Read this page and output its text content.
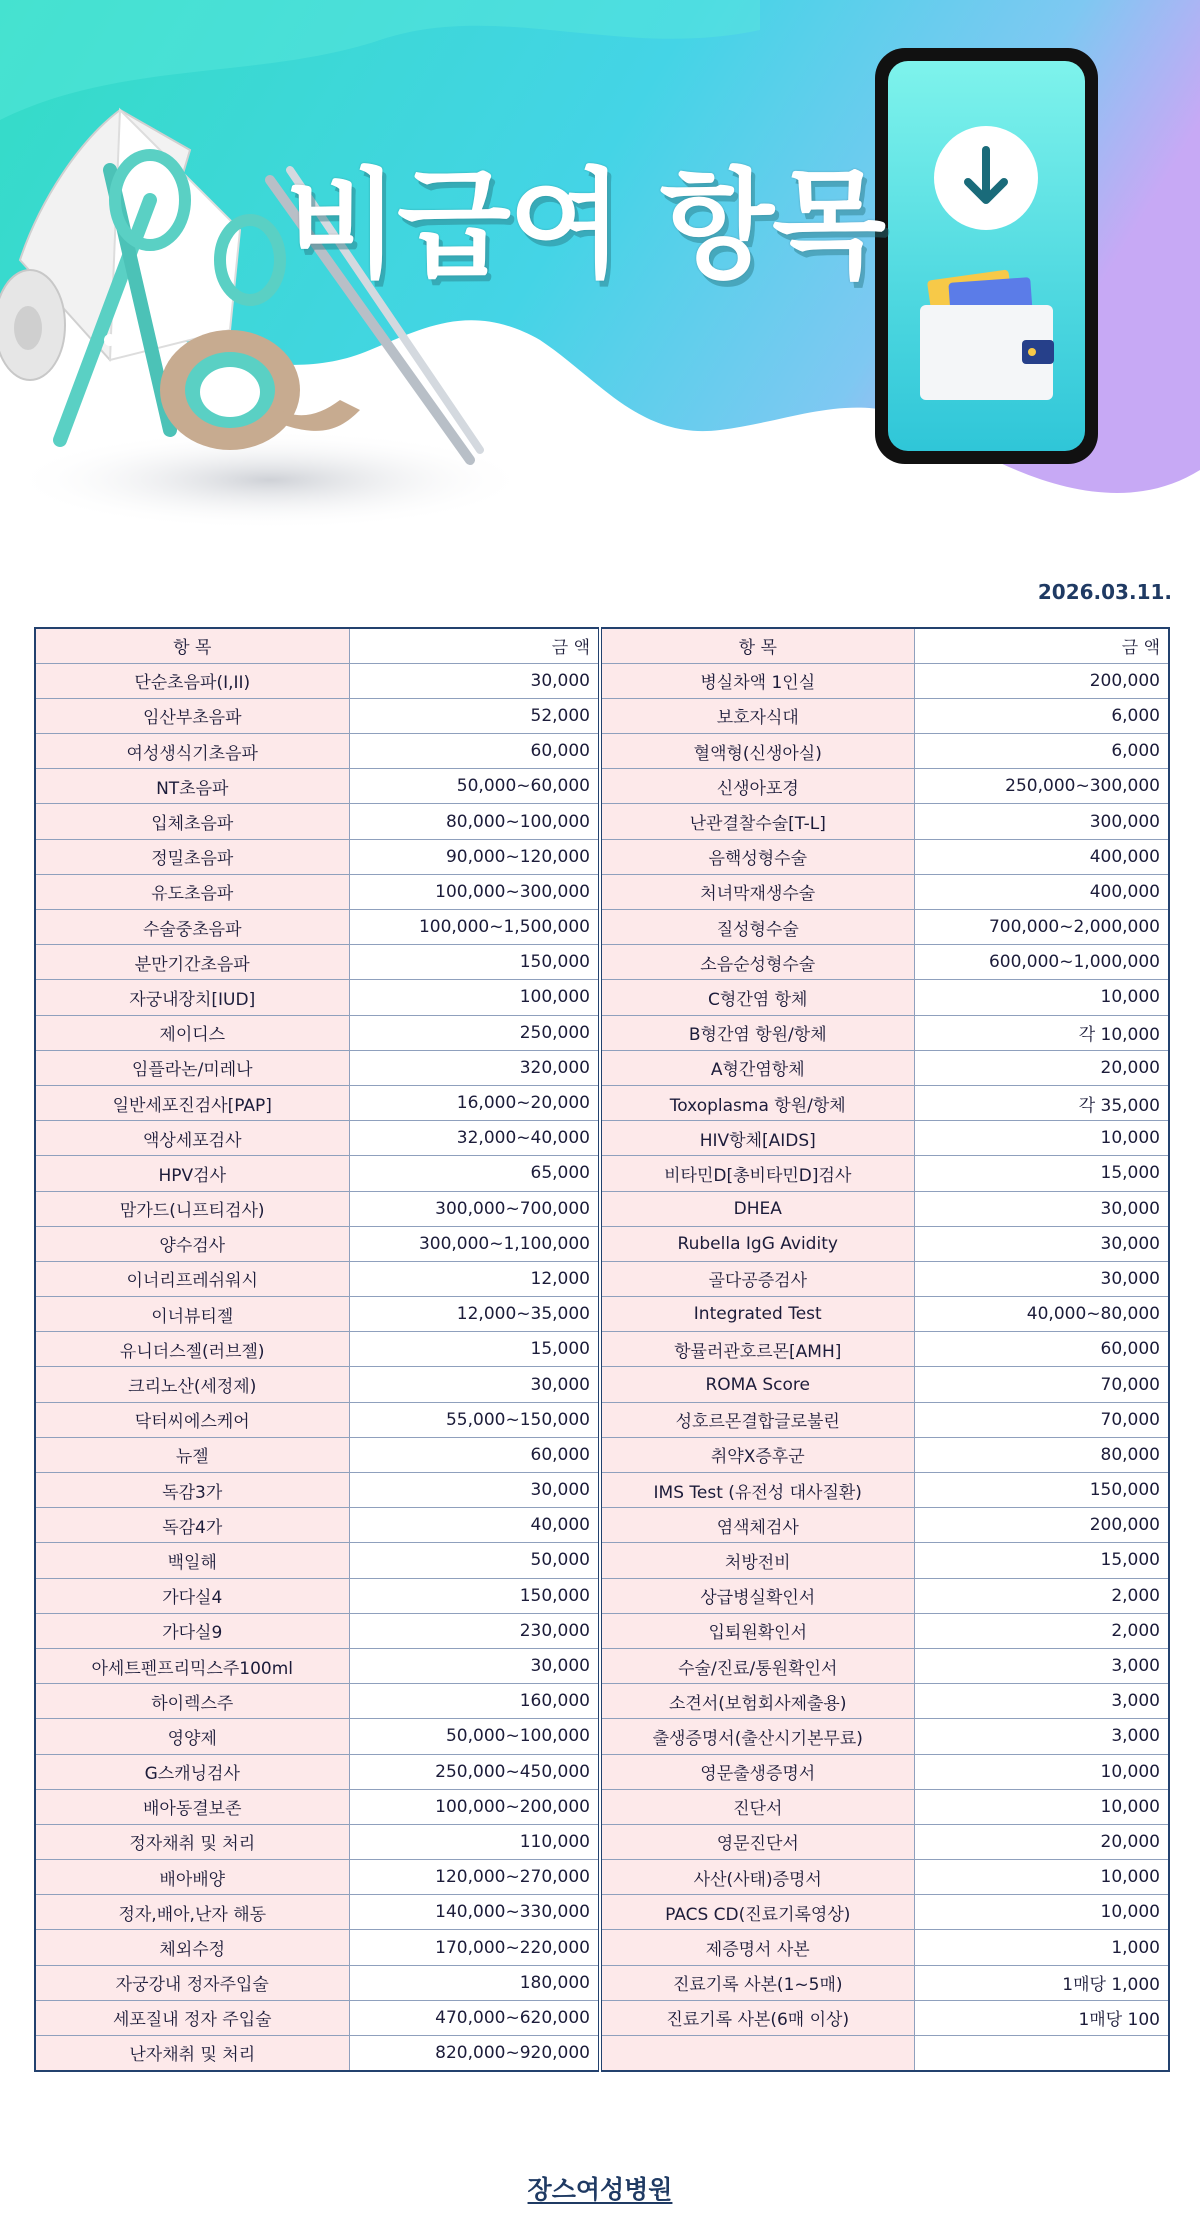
비급여 항목
2026.03.11.
항 목	금 액	항 목	금 액
단순초음파(I,II)	30,000	병실차액 1인실	200,000
임산부초음파	52,000	보호자식대	6,000
여성생식기초음파	60,000	혈액형(신생아실)	6,000
NT초음파	50,000~60,000	신생아포경	250,000~300,000
입체초음파	80,000~100,000	난관결찰수술[T-L]	300,000
정밀초음파	90,000~120,000	음핵성형수술	400,000
유도초음파	100,000~300,000	처녀막재생수술	400,000
수술중초음파	100,000~1,500,000	질성형수술	700,000~2,000,000
분만기간초음파	150,000	소음순성형수술	600,000~1,000,000
자궁내장치[IUD]	100,000	C형간염 항체	10,000
제이디스	250,000	B형간염 항원/항체	각 10,000
임플라논/미레나	320,000	A형간염항체	20,000
일반세포진검사[PAP]	16,000~20,000	Toxoplasma 항원/항체	각 35,000
액상세포검사	32,000~40,000	HIV항체[AIDS]	10,000
HPV검사	65,000	비타민D[총비타민D]검사	15,000
맘가드(니프티검사)	300,000~700,000	DHEA	30,000
양수검사	300,000~1,100,000	Rubella IgG Avidity	30,000
이너리프레쉬워시	12,000	골다공증검사	30,000
이너뷰티젤	12,000~35,000	Integrated Test	40,000~80,000
유니더스젤(러브젤)	15,000	항뮬러관호르몬[AMH]	60,000
크리노산(세정제)	30,000	ROMA Score	70,000
닥터씨에스케어	55,000~150,000	성호르몬결합글로불린	70,000
뉴젤	60,000	취약X증후군	80,000
독감3가	30,000	IMS Test (유전성 대사질환)	150,000
독감4가	40,000	염색체검사	200,000
백일해	50,000	처방전비	15,000
가다실4	150,000	상급병실확인서	2,000
가다실9	230,000	입퇴원확인서	2,000
아세트펜프리믹스주100ml	30,000	수술/진료/통원확인서	3,000
하이렉스주	160,000	소견서(보험회사제출용)	3,000
영양제	50,000~100,000	출생증명서(출산시기본무료)	3,000
G스캐닝검사	250,000~450,000	영문출생증명서	10,000
배아동결보존	100,000~200,000	진단서	10,000
정자채취 및 처리	110,000	영문진단서	20,000
배아배양	120,000~270,000	사산(사태)증명서	10,000
정자,배아,난자 해동	140,000~330,000	PACS CD(진료기록영상)	10,000
체외수정	170,000~220,000	제증명서 사본	1,000
자궁강내 정자주입술	180,000	진료기록 사본(1~5매)	1매당 1,000
세포질내 정자 주입술	470,000~620,000	진료기록 사본(6매 이상)	1매당 100
난자채취 및 처리	820,000~920,000		
장스여성병원
